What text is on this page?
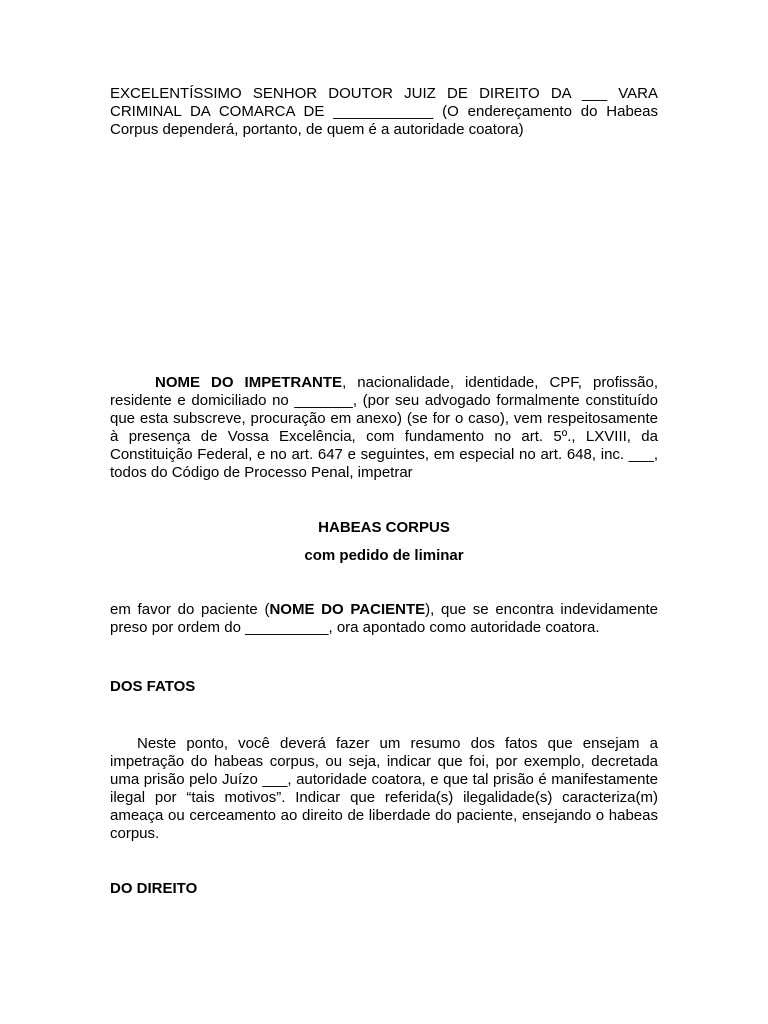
EXCELENTÍSSIMO SENHOR DOUTOR JUIZ DE DIREITO DA ___ VARA CRIMINAL DA COMARCA DE ____________ (O endereçamento do Habeas Corpus dependerá, portanto, de quem é a autoridade coatora)

NOME DO IMPETRANTE, nacionalidade, identidade, CPF, profissão, residente e domiciliado no _______, (por seu advogado formalmente constituído que esta subscreve, procuração em anexo) (se for o caso), vem respeitosamente à presença de Vossa Excelência, com fundamento no art. 5º., LXVIII, da Constituição Federal, e no art. 647 e seguintes, em especial no art. 648, inc. ___, todos do Código de Processo Penal, impetrar

HABEAS CORPUS
com pedido de liminar

em favor do paciente (NOME DO PACIENTE), que se encontra indevidamente preso por ordem do __________, ora apontado como autoridade coatora.

DOS FATOS

Neste ponto, você deverá fazer um resumo dos fatos que ensejam a impetração do habeas corpus, ou seja, indicar que foi, por exemplo, decretada uma prisão pelo Juízo ___, autoridade coatora, e que tal prisão é manifestamente ilegal por “tais motivos”. Indicar que referida(s) ilegalidade(s) caracteriza(m) ameaça ou cerceamento ao direito de liberdade do paciente, ensejando o habeas corpus.

DO DIREITO
